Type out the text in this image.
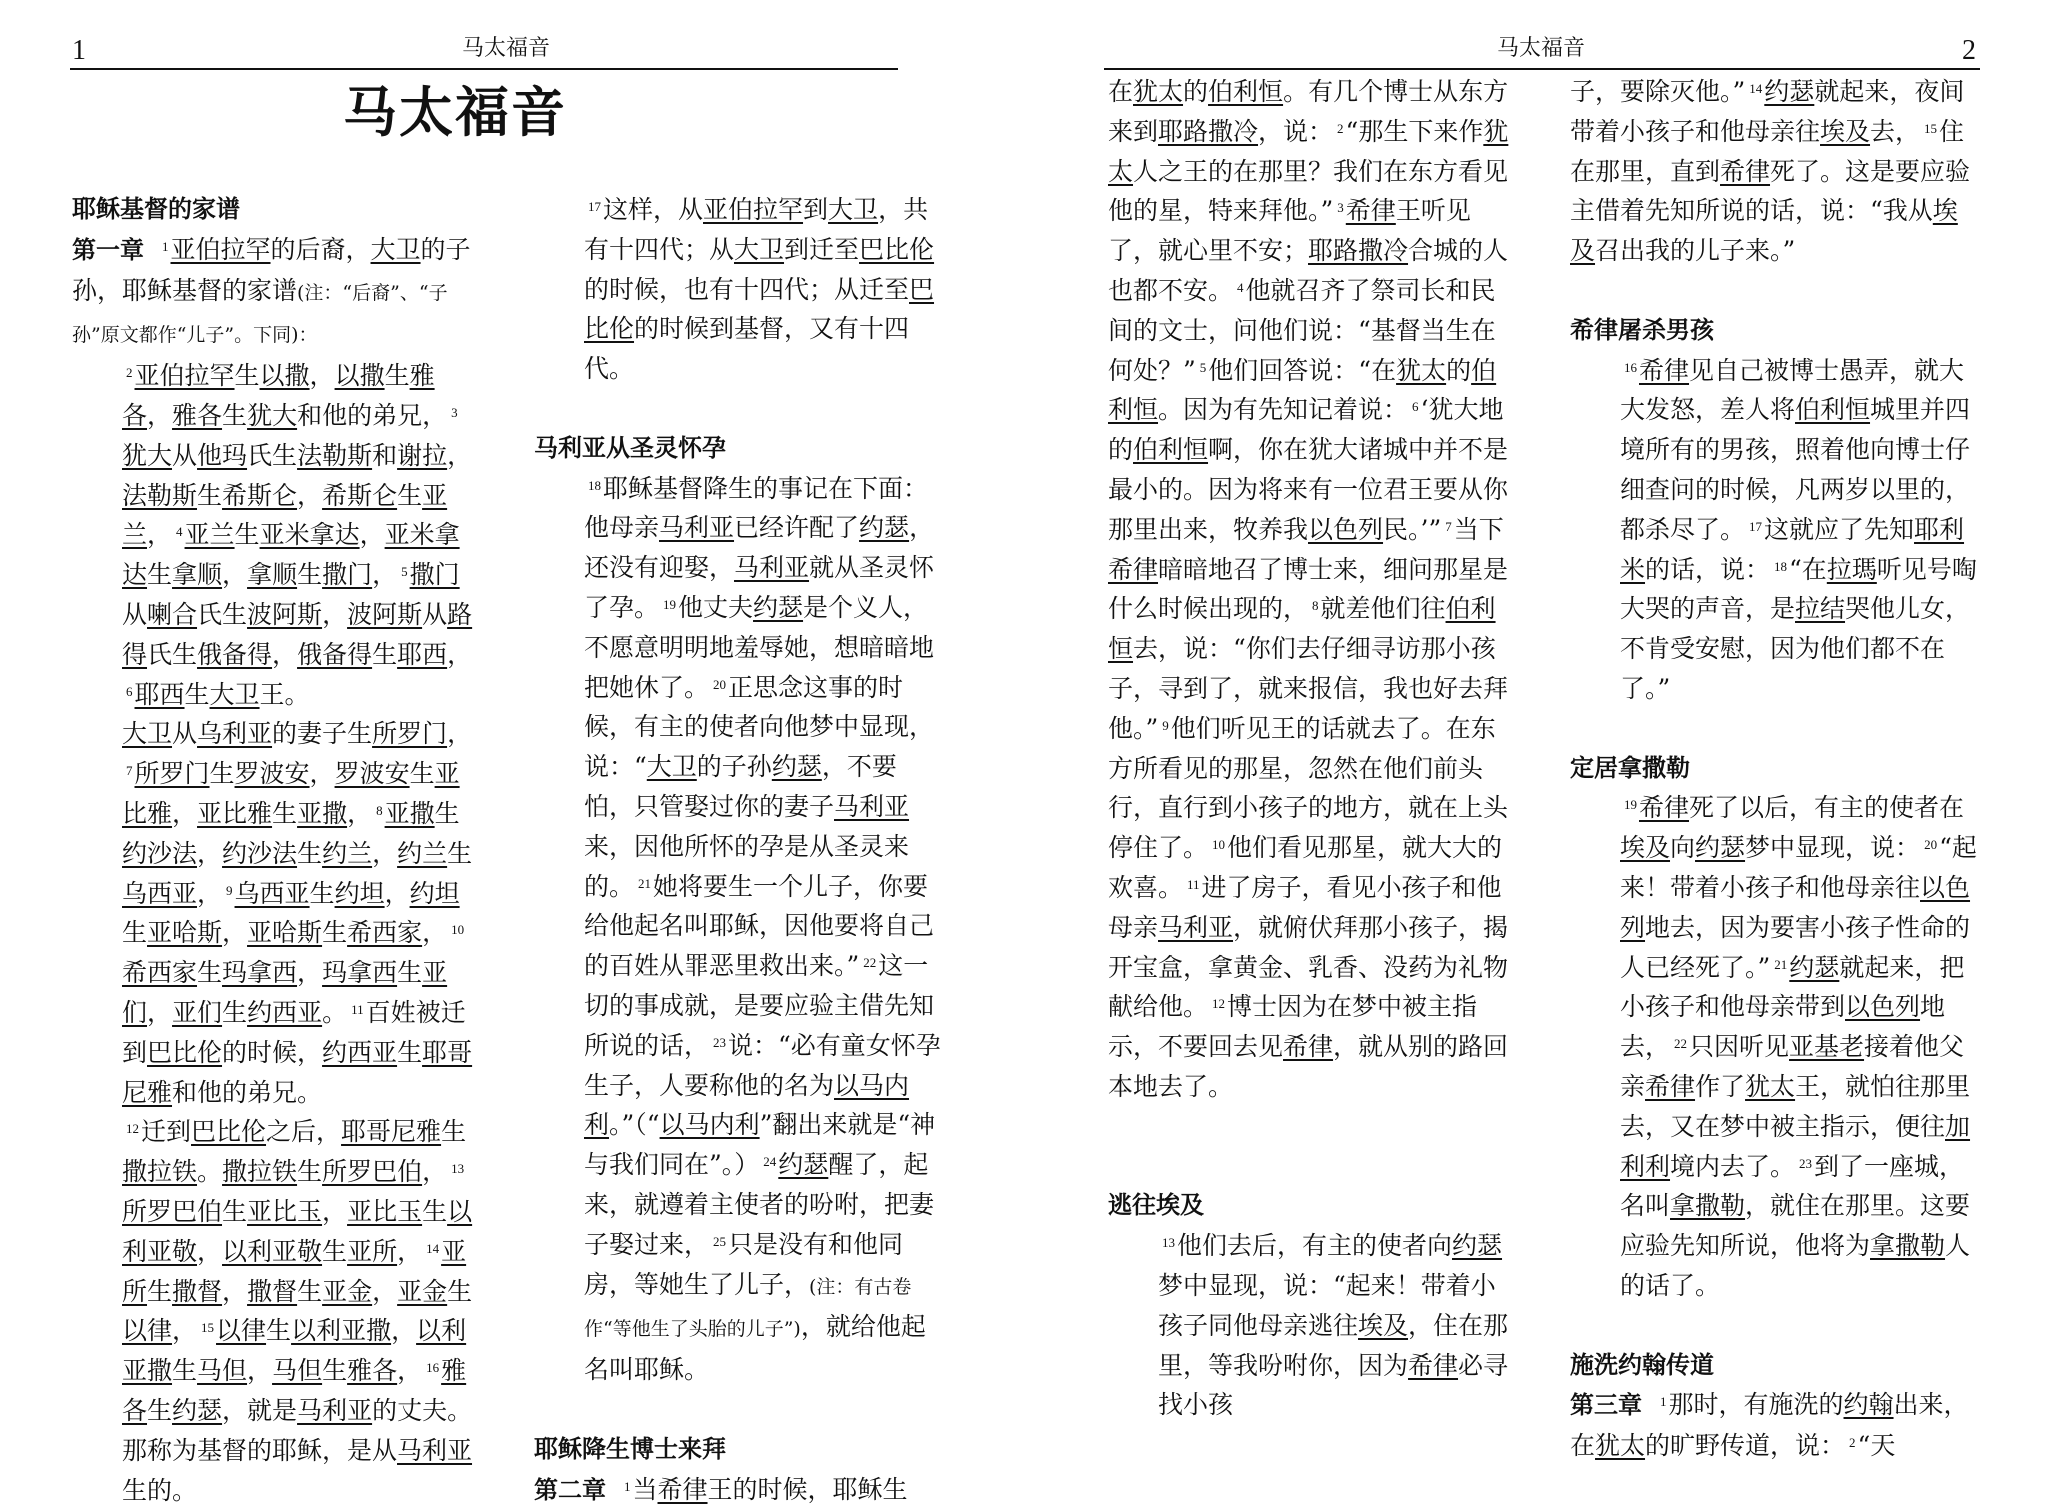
1	马太福音
马太福音
马太福音	2
耶稣基督的家谱

第一章 $^1$亚伯拉罕的后裔，大卫的子孙，耶稣基督的家谱(注：“后裔”、“子孙”原文都作“儿子”。下同)：

$^2$亚伯拉罕生以撒，以撒生雅各，雅各生犹大和他的弟兄， $^3$犹大从他玛氏生法勒斯和谢拉，法勒斯生希斯仑，希斯仑生亚兰， $^4$亚兰生亚米拿达，亚米拿达生拿顺，拿顺生撒门， $^5$撒门从喇合氏生波阿斯，波阿斯从路得氏生俄备得，俄备得生耶西，$^6$耶西生大卫王。

大卫从乌利亚的妻子生所罗门，$^7$所罗门生罗波安，罗波安生亚比雅，亚比雅生亚撒， $^8$亚撒生约沙法，约沙法生约兰，约兰生乌西亚， $^9$乌西亚生约坦，约坦生亚哈斯，亚哈斯生希西家， $^{10}$希西家生玛拿西，玛拿西生亚们，亚们生约西亚。 $^{11}$百姓被迁到巴比伦的时候，约西亚生耶哥尼雅和他的弟兄。

$^{12}$迁到巴比伦之后，耶哥尼雅生撒拉铁。撒拉铁生所罗巴伯， $^{13}$所罗巴伯生亚比玉，亚比玉生以利亚敬，以利亚敬生亚所， $^{14}$亚所生撒督，撒督生亚金，亚金生以律， $^{15}$以律生以利亚撒，以利亚撒生马但，马但生雅各， $^{16}$雅各生约瑟，就是马利亚的丈夫。那称为基督的耶稣，是从马利亚生的。

$^{17}$这样，从亚伯拉罕到大卫，共有十四代；从大卫到迁至巴比伦的时候，也有十四代；从迁至巴比伦的时候到基督，又有十四代。

马利亚从圣灵怀孕

$^{18}$耶稣基督降生的事记在下面：他母亲马利亚已经许配了约瑟，还没有迎娶，马利亚就从圣灵怀了孕。 $^{19}$他丈夫约瑟是个义人，不愿意明明地羞辱她，想暗暗地把她休了。 $^{20}$正思念这事的时候，有主的使者向他梦中显现，说：“大卫的子孙约瑟，不要怕，只管娶过你的妻子马利亚来，因他所怀的孕是从圣灵来的。 $^{21}$她将要生一个儿子，你要给他起名叫耶稣，因他要将自己的百姓从罪恶里救出来。” $^{22}$这一切的事成就，是要应验主借先知所说的话， $^{23}$说：“必有童女怀孕生子，人要称他的名为以马内利。”（“以马内利”翻出来就是“神与我们同在”。） $^{24}$约瑟醒了，起来，就遵着主使者的吩咐，把妻子娶过来， $^{25}$只是没有和他同房，等她生了儿子，(注：有古卷作“等他生了头胎的儿子”)，就给他起名叫耶稣。

耶稣降生博士来拜

第二章 $^1$当希律王的时候，耶稣生

在犹太的伯利恒。有几个博士从东方来到耶路撒冷，说： $^2$“那生下来作犹太人之王的在那里？我们在东方看见他的星，特来拜他。” $^3$希律王听见了，就心里不安；耶路撒冷合城的人也都不安。 $^4$他就召齐了祭司长和民间的文士，问他们说：“基督当生在何处？” $^5$他们回答说：“在犹太的伯利恒。因为有先知记着说： $^6$‘犹大地的伯利恒啊，你在犹大诸城中并不是最小的。因为将来有一位君王要从你那里出来，牧养我以色列民。’” $^7$当下希律暗暗地召了博士来，细问那星是什么时候出现的， $^8$就差他们往伯利恒去，说：“你们去仔细寻访那小孩子，寻到了，就来报信，我也好去拜他。” $^9$他们听见王的话就去了。在东方所看见的那星，忽然在他们前头行，直行到小孩子的地方，就在上头停住了。 $^{10}$他们看见那星，就大大的欢喜。 $^{11}$进了房子，看见小孩子和他母亲马利亚，就俯伏拜那小孩子，揭开宝盒，拿黄金、乳香、没药为礼物献给他。 $^{12}$博士因为在梦中被主指示，不要回去见希律，就从别的路回本地去了。

逃往埃及

$^{13}$他们去后，有主的使者向约瑟梦中显现，说：“起来！带着小孩子同他母亲逃往埃及，住在那里，等我吩咐你，因为希律必寻找小孩

子，要除灭他。” $^{14}$约瑟就起来，夜间带着小孩子和他母亲往埃及去， $^{15}$住在那里，直到希律死了。这是要应验主借着先知所说的话，说：“我从埃及召出我的儿子来。”

希律屠杀男孩

$^{16}$希律见自己被博士愚弄，就大大发怒，差人将伯利恒城里并四境所有的男孩，照着他向博士仔细查问的时候，凡两岁以里的，都杀尽了。 $^{17}$这就应了先知耶利米的话，说： $^{18}$“在拉瑪听见号啕大哭的声音，是拉结哭他儿女，不肯受安慰，因为他们都不在了。”

定居拿撒勒

$^{19}$希律死了以后，有主的使者在埃及向约瑟梦中显现，说： $^{20}$“起来！带着小孩子和他母亲往以色列地去，因为要害小孩子性命的人已经死了。” $^{21}$约瑟就起来，把小孩子和他母亲带到以色列地去， $^{22}$只因听见亚基老接着他父亲希律作了犹太王，就怕往那里去，又在梦中被主指示，便往加利利境内去了。 $^{23}$到了一座城，名叫拿撒勒，就住在那里。这要应验先知所说，他将为拿撒勒人的话了。

施洗约翰传道

第三章 $^1$那时，有施洗的约翰出来，在犹太的旷野传道，说： $^2$“天
